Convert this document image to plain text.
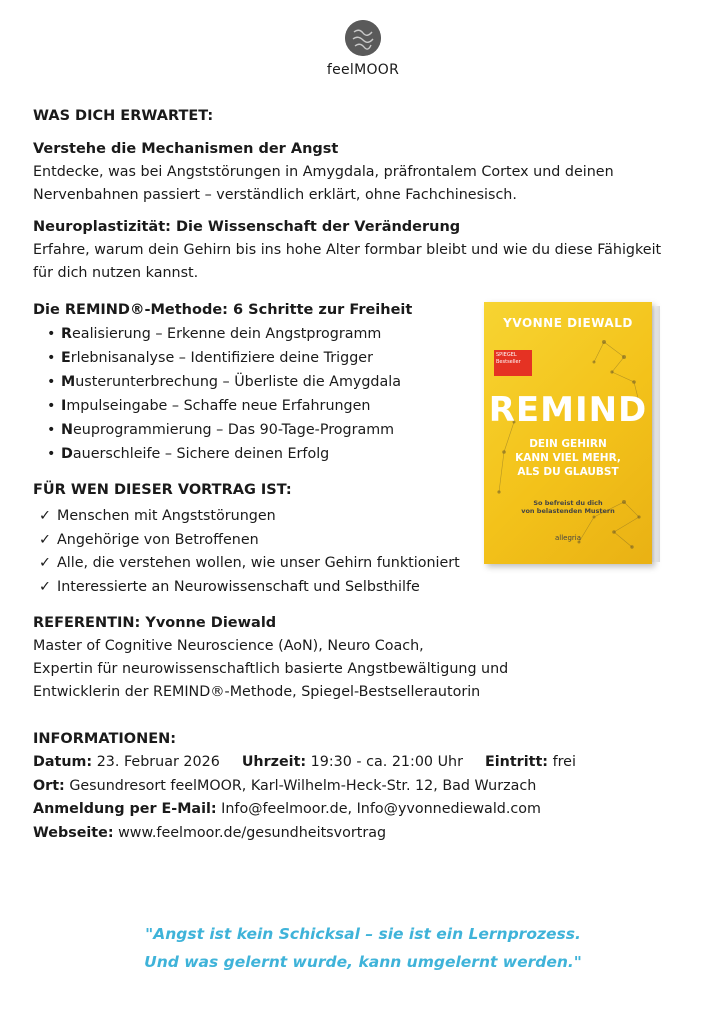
feelMOOR
WAS DICH ERWARTET:
Verstehe die Mechanismen der Angst

Entdecke, was bei Angststörungen in Amygdala, präfrontalem Cortex und deinen Nervenbahnen passiert – verständlich erklärt, ohne Fachchinesisch.

Neuroplastizität: Die Wissenschaft der Veränderung

Erfahre, warum dein Gehirn bis ins hohe Alter formbar bleibt und wie du diese Fähigkeit für dich nutzen kannst.

Die REMIND®-Methode: 6 Schritte zur Freiheit
• Realisierung – Erkenne dein Angstprogramm
• Erlebnisanalyse – Identifiziere deine Trigger
• Musterunterbrechung – Überliste die Amygdala
• Impulseingabe – Schaffe neue Erfahrungen
• Neuprogrammierung – Das 90-Tage-Programm
• Dauerschleife – Sichere deinen Erfolg
FÜR WEN DIESER VORTRAG IST:
✓ Menschen mit Angststörungen
✓ Angehörige von Betroffenen
✓ Alle, die verstehen wollen, wie unser Gehirn funktioniert
✓ Interessierte an Neurowissenschaft und Selbsthilfe
REFERENTIN: Yvonne Diewald

Master of Cognitive Neuroscience (AoN), Neuro Coach,

Expertin für neurowissenschaftlich basierte Angstbewältigung und

Entwicklerin der REMIND®-Methode, Spiegel-Bestsellerautorin

INFORMATIONEN:
Datum: 23. Februar 2026 Uhrzeit: 19:30 - ca. 21:00 Uhr Eintritt: frei
Ort: Gesundresort feelMOOR, Karl-Wilhelm-Heck-Str. 12, Bad Wurzach
Anmeldung per E-Mail: Info@feelmoor.de, Info@yvonnediewald.com
Webseite: www.feelmoor.de/gesundheitsvortrag
YVONNE DIEWALD
SPIEGEL Bestseller
REMIND
DEIN GEHIRN
KANN VIEL MEHR,
ALS DU GLAUBST
So befreist du dich
von belastenden Mustern
allegria
"Angst ist kein Schicksal – sie ist ein Lernprozess.
Und was gelernt wurde, kann umgelernt werden."
